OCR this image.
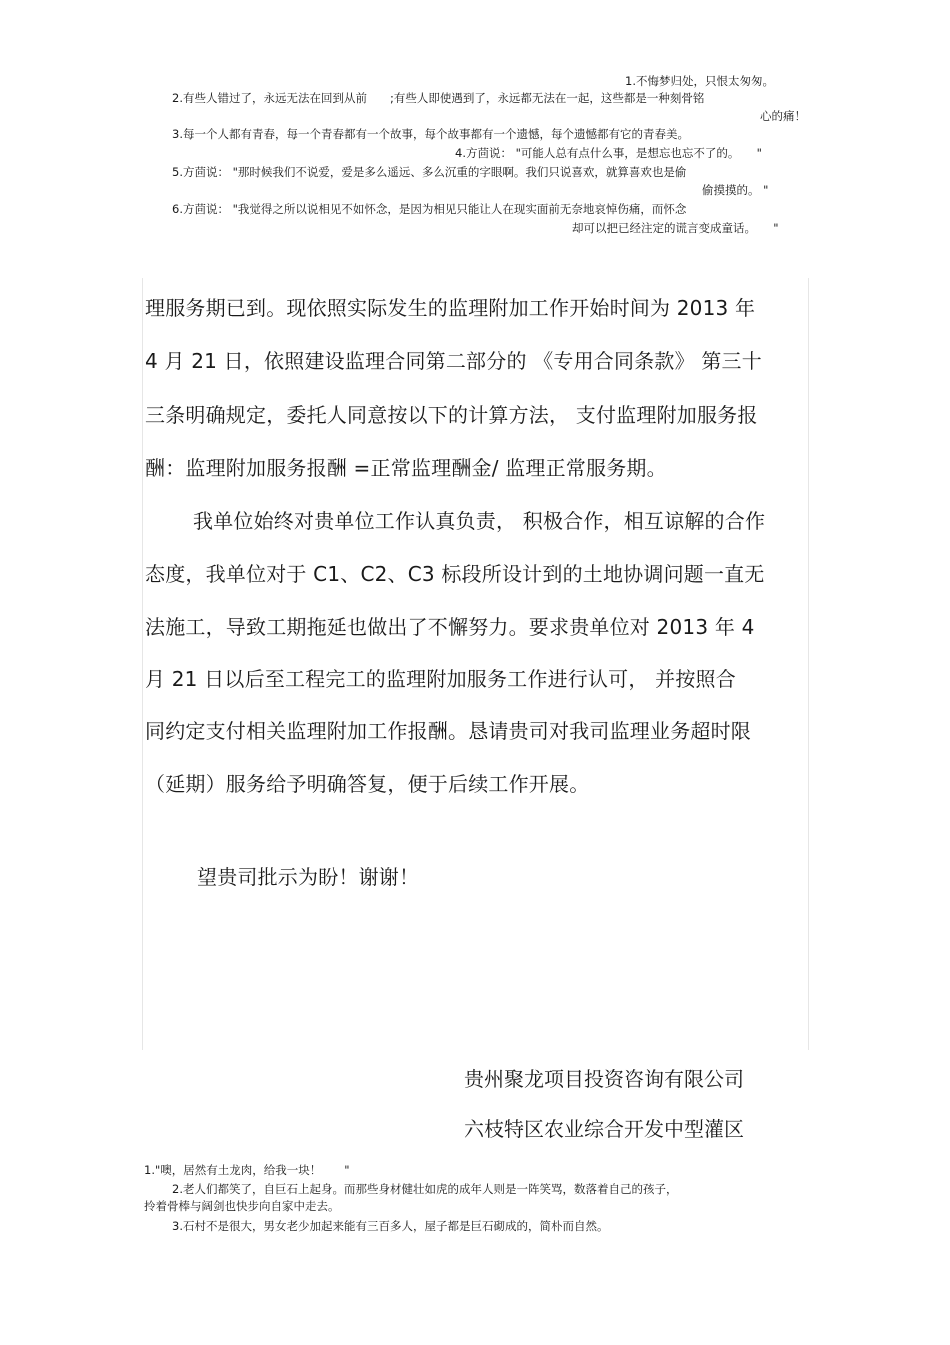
1.不悔梦归处，只恨太匆匆。
2.有些人错过了，永远无法在回到从前　　;有些人即使遇到了，永远都无法在一起，这些都是一种刻骨铭
心的痛！
3.每一个人都有青春，每一个青春都有一个故事，每个故事都有一个遗憾，每个遗憾都有它的青春美。
4.方茴说： "可能人总有点什么事，是想忘也忘不了的。　　"
5.方茴说： "那时候我们不说爱，爱是多么遥远、多么沉重的字眼啊。我们只说喜欢，就算喜欢也是偷
偷摸摸的。 "
6.方茴说： "我觉得之所以说相见不如怀念，是因为相见只能让人在现实面前无奈地哀悼伤痛，而怀念
却可以把已经注定的谎言变成童话。　　"
理服务期已到。现依照实际发生的监理附加工作开始时间为 2013 年
4 月 21 日，依照建设监理合同第二部分的 《专用合同条款》 第三十
三条明确规定，委托人同意按以下的计算方法， 支付监理附加服务报
酬：监理附加服务报酬 =正常监理酬金/ 监理正常服务期。
我单位始终对贵单位工作认真负责， 积极合作，相互谅解的合作
态度，我单位对于 C1、C2、C3 标段所设计到的土地协调问题一直无
法施工，导致工期拖延也做出了不懈努力。要求贵单位对 2013 年 4
月 21 日以后至工程完工的监理附加服务工作进行认可， 并按照合
同约定支付相关监理附加工作报酬。恳请贵司对我司监理业务超时限
（延期）服务给予明确答复，便于后续工作开展。
望贵司批示为盼！谢谢！
贵州聚龙项目投资咨询有限公司
六枝特区农业综合开发中型灌区
1."噢，居然有土龙肉，给我一块！　　"
2.老人们都笑了，自巨石上起身。而那些身材健壮如虎的成年人则是一阵笑骂，数落着自己的孩子，
拎着骨棒与阔剑也快步向自家中走去。
3.石村不是很大，男女老少加起来能有三百多人，屋子都是巨石砌成的，简朴而自然。
